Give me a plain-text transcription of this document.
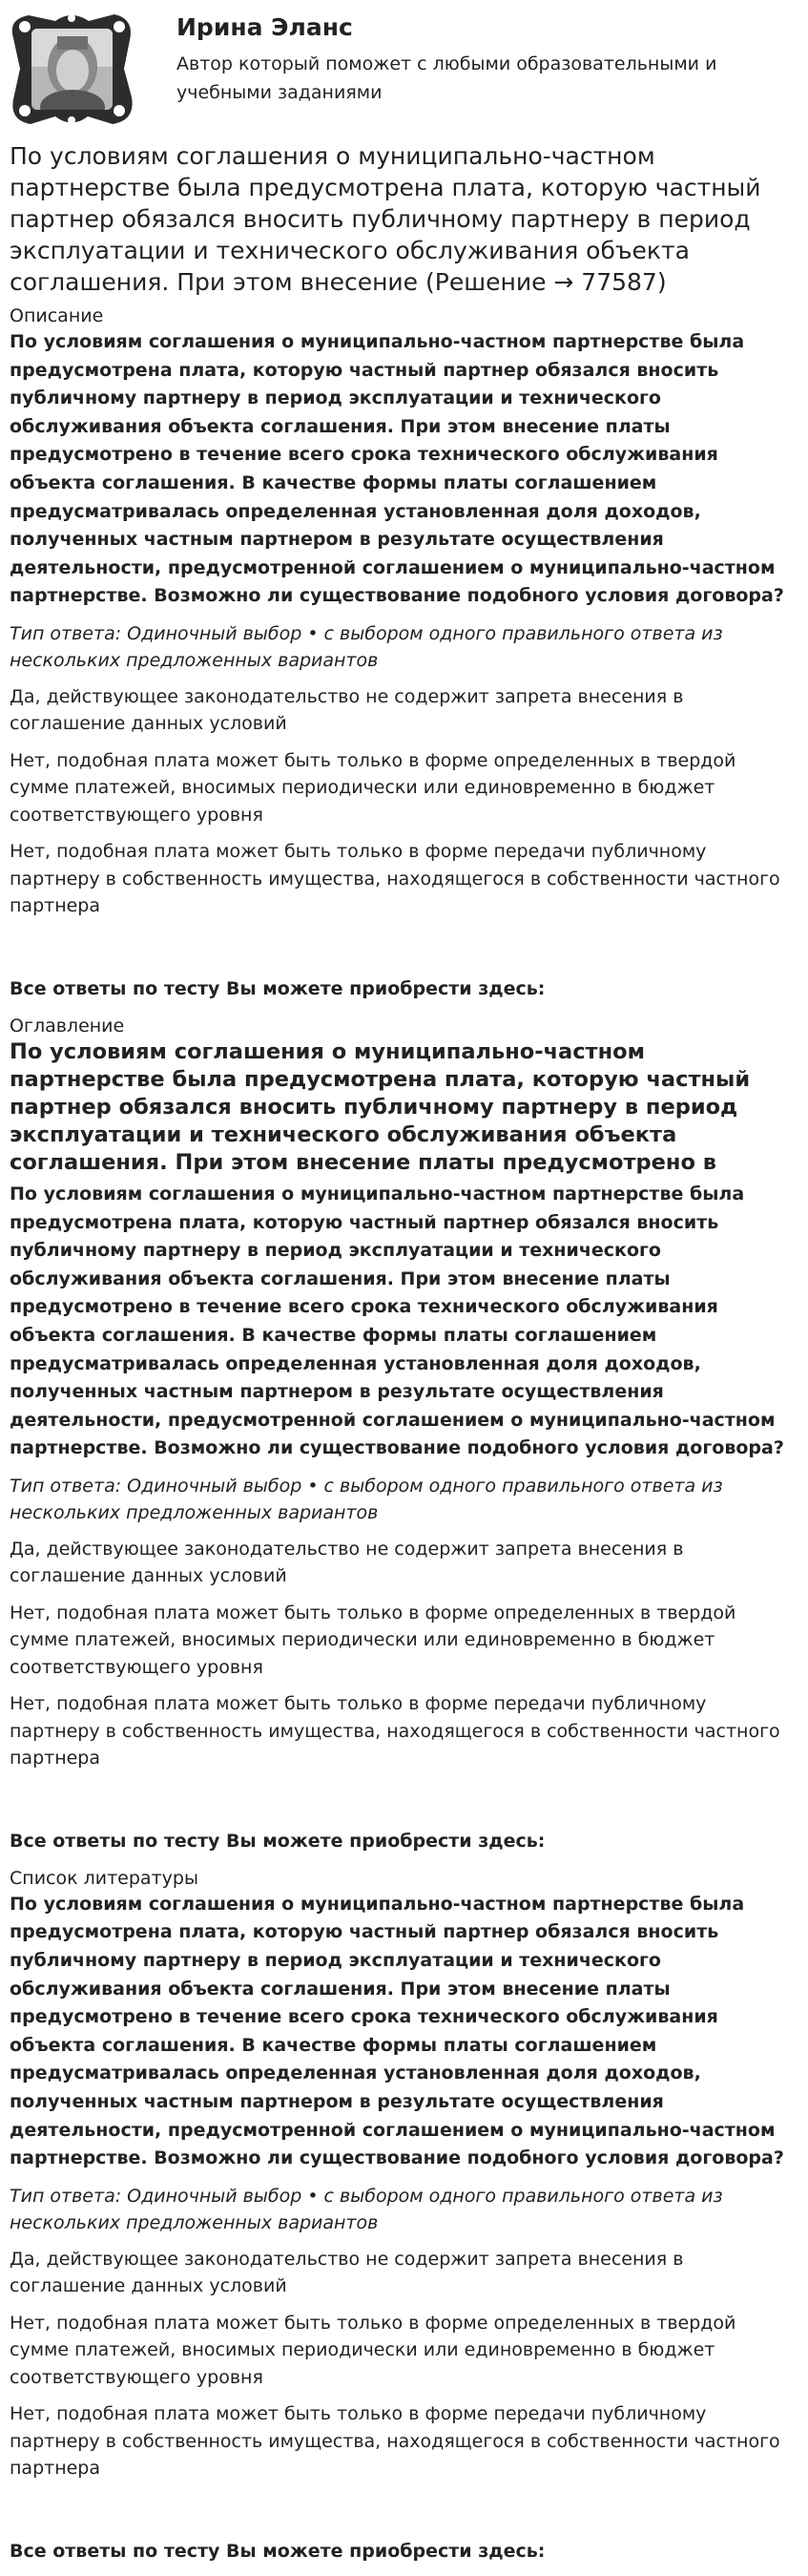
Ирина Эланс
Автор который поможет с любыми образовательными и учебными заданиями
По условиям соглашения о муниципально-частном партнерстве была предусмотрена плата, которую частный партнер обязался вносить публичному партнеру в период эксплуатации и технического обслуживания объекта соглашения. При этом внесение (Решение → 77587)
Описание

По условиям соглашения о муниципально-частном партнерстве была предусмотрена плата, которую частный партнер обязался вносить публичному партнеру в период эксплуатации и технического обслуживания объекта соглашения. При этом внесение платы предусмотрено в течение всего срока технического обслуживания объекта соглашения. В качестве формы платы соглашением предусматривалась определенная установленная доля доходов, полученных частным партнером в результате осуществления деятельности, предусмотренной соглашением о муниципально-частном партнерстве. Возможно ли существование подобного условия договора?

Тип ответа: Одиночный выбор • с выбором одного правильного ответа из нескольких предложенных вариантов

Да, действующее законодательство не содержит запрета внесения в соглашение данных условий

Нет, подобная плата может быть только в форме определенных в твердой сумме платежей, вносимых периодически или единовременно в бюджет соответствующего уровня

Нет, подобная плата может быть только в форме передачи публичному партнеру в собственность имущества, находящегося в собственности частного партнера

Все ответы по тесту Вы можете приобрести здесь:

Оглавление
По условиям соглашения о муниципально-частном партнерстве была предусмотрена плата, которую частный партнер обязался вносить публичному партнеру в период эксплуатации и технического обслуживания объекта соглашения. При этом внесение платы предусмотрено в

По условиям соглашения о муниципально-частном партнерстве была предусмотрена плата, которую частный партнер обязался вносить публичному партнеру в период эксплуатации и технического обслуживания объекта соглашения. При этом внесение платы предусмотрено в течение всего срока технического обслуживания объекта соглашения. В качестве формы платы соглашением предусматривалась определенная установленная доля доходов, полученных частным партнером в результате осуществления деятельности, предусмотренной соглашением о муниципально-частном партнерстве. Возможно ли существование подобного условия договора?

Тип ответа: Одиночный выбор • с выбором одного правильного ответа из нескольких предложенных вариантов

Да, действующее законодательство не содержит запрета внесения в соглашение данных условий

Нет, подобная плата может быть только в форме определенных в твердой сумме платежей, вносимых периодически или единовременно в бюджет соответствующего уровня

Нет, подобная плата может быть только в форме передачи публичному партнеру в собственность имущества, находящегося в собственности частного партнера

Все ответы по тесту Вы можете приобрести здесь:

Список литературы

По условиям соглашения о муниципально-частном партнерстве была предусмотрена плата, которую частный партнер обязался вносить публичному партнеру в период эксплуатации и технического обслуживания объекта соглашения. При этом внесение платы предусмотрено в течение всего срока технического обслуживания объекта соглашения. В качестве формы платы соглашением предусматривалась определенная установленная доля доходов, полученных частным партнером в результате осуществления деятельности, предусмотренной соглашением о муниципально-частном партнерстве. Возможно ли существование подобного условия договора?

Тип ответа: Одиночный выбор • с выбором одного правильного ответа из нескольких предложенных вариантов

Да, действующее законодательство не содержит запрета внесения в соглашение данных условий

Нет, подобная плата может быть только в форме определенных в твердой сумме платежей, вносимых периодически или единовременно в бюджет соответствующего уровня

Нет, подобная плата может быть только в форме передачи публичному партнеру в собственность имущества, находящегося в собственности частного партнера

Все ответы по тесту Вы можете приобрести здесь:
